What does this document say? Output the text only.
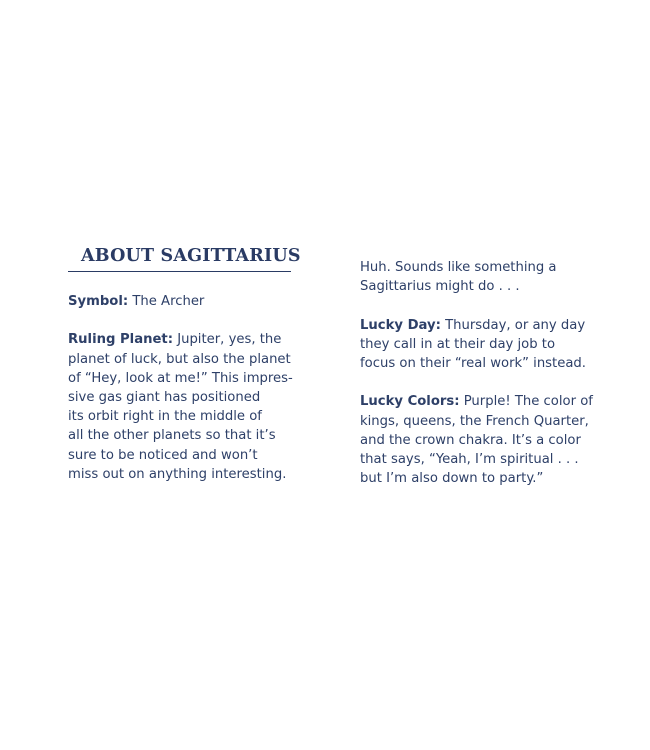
ABOUT SAGITTARIUS

Symbol: The Archer

Ruling Planet: Jupiter, yes, the
planet of luck, but also the planet
of “Hey, look at me!” This impres-
sive gas giant has positioned
its orbit right in the middle of
all the other planets so that it’s
sure to be noticed and won’t
miss out on anything interesting.

Huh. Sounds like something a
Sagittarius might do . . .

Lucky Day: Thursday, or any day
they call in at their day job to
focus on their “real work” instead.

Lucky Colors: Purple! The color of
kings, queens, the French Quarter,
and the crown chakra. It’s a color
that says, “Yeah, I’m spiritual . . .
but I’m also down to party.”
